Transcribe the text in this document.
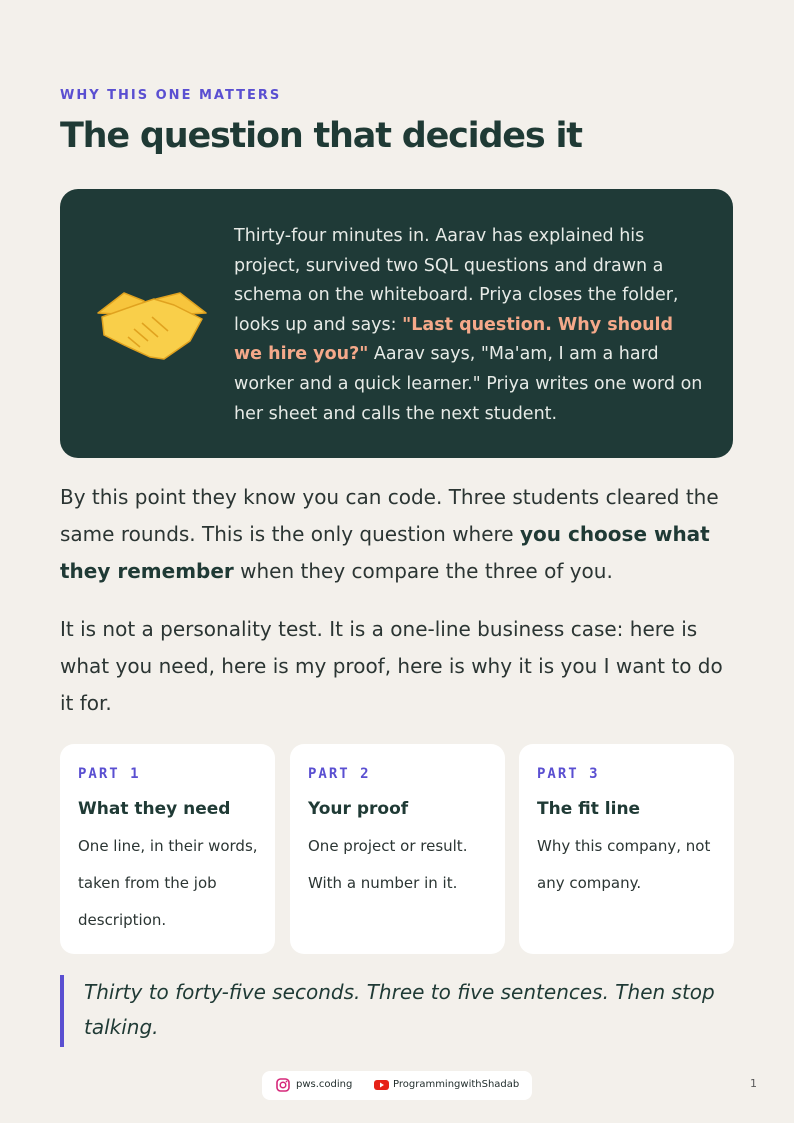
WHY THIS ONE MATTERS
The question that decides it
Thirty-four minutes in. Aarav has explained his project, survived two SQL questions and drawn a schema on the whiteboard. Priya closes the folder, looks up and says: "Last question. Why should we hire you?" Aarav says, "Ma'am, I am a hard worker and a quick learner." Priya writes one word on her sheet and calls the next student.
By this point they know you can code. Three students cleared the same rounds. This is the only question where you choose what they remember when they compare the three of you.
It is not a personality test. It is a one-line business case: here is what you need, here is my proof, here is why it is you I want to do it for.
PART 1
What they need
One line, in their words, taken from the job description.
PART 2
Your proof
One project or result. With a number in it.
PART 3
The fit line
Why this company, not any company.
Thirty to forty-five seconds. Three to five sentences. Then stop talking.
pws.coding	ProgrammingwithShadab	1
